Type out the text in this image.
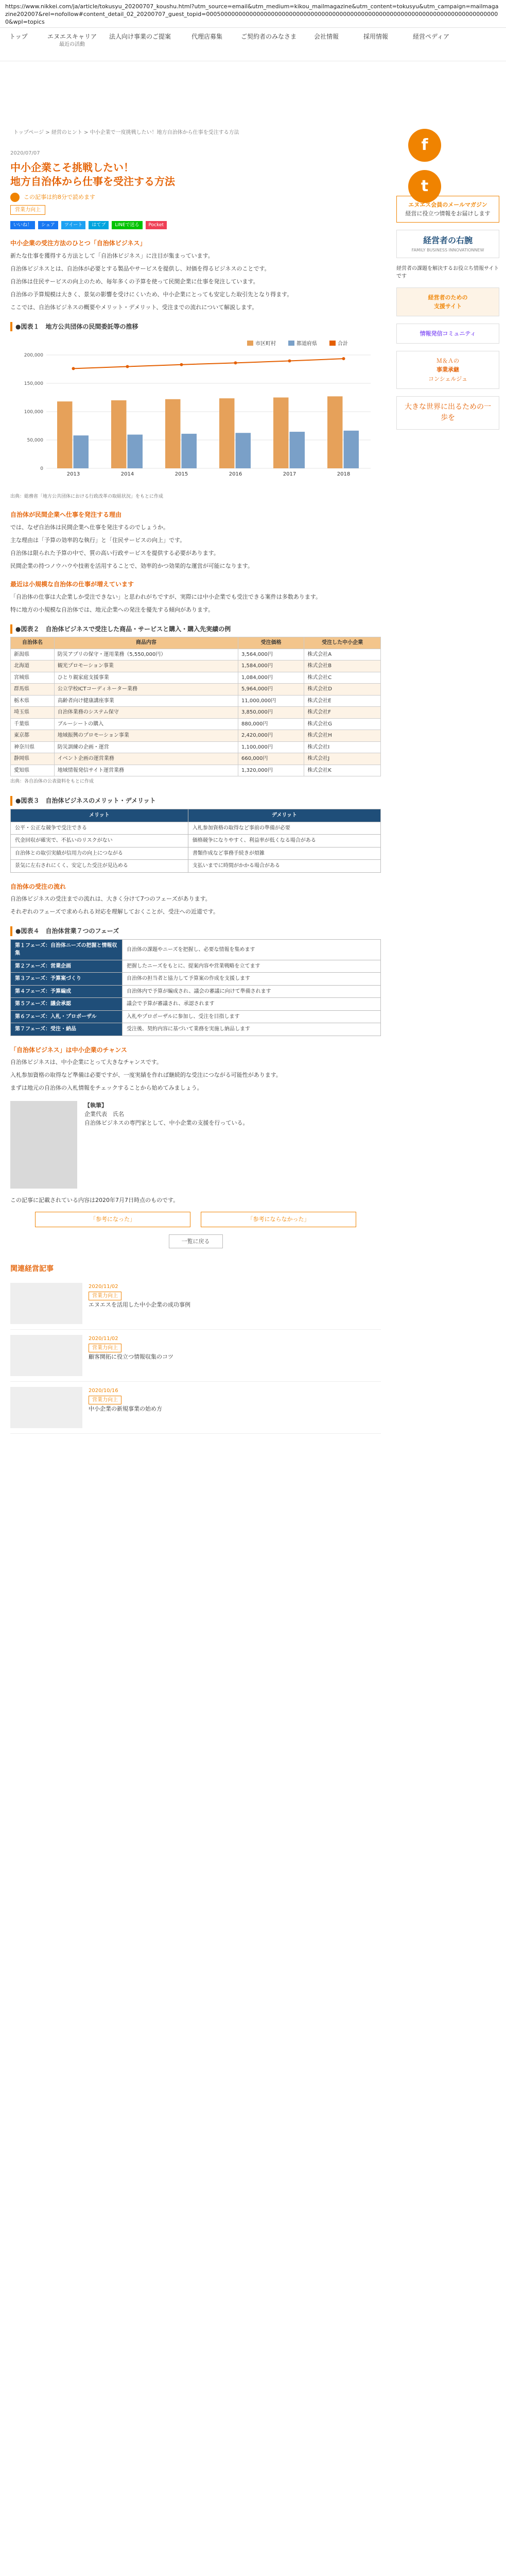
https://www.nikkei.com/ja/article/tokusyu_20200707_koushu.html?utm_source=email&utm_medium=kikou_mailmagazine&utm_content=tokusyu&utm_campaign=mailmagazine202007&rel=nofollow#content_detail_02_20200707_guest_topid=0005000000000000000000000000000000000000000000000000000000000000000000000000000000&wpl=topics
トップ	エヌエスキャリア
最近の活動
法人向け事業のご提案	代理店募集	ご契約者のみなさま	会社情報	採用情報	経営ペディア
トップページ > 経営のヒント > 中小企業で一度挑戦したい！地方自治体から仕事を受注する方法
f
t
2020/07/07
中小企業こそ挑戦したい！
地方自治体から仕事を受注する方法
この記事は約8分で読めます
営業力向上
いいね！	シェア	ツイート	はてブ	LINEで送る	Pocket
中小企業の受注方法のひとつ「自治体ビジネス」

新たな仕事を獲得する方法として「自治体ビジネス」に注目が集まっています。

自治体ビジネスとは、自治体が必要とする製品やサービスを提供し、対価を得るビジネスのことです。

自治体は住民サービスの向上のため、毎年多くの予算を使って民間企業に仕事を発注しています。

自治体の予算規模は大きく、景気の影響を受けにくいため、中小企業にとっても安定した取引先となり得ます。

ここでは、自治体ビジネスの概要やメリット・デメリット、受注までの流れについて解説します。

●図表１　地方公共団体の民間委託等の推移
0
50,000
100,000
150,000
200,000
2013	2014	2015	2016	2017	2018
市区町村	都道府県	合計
出典：総務省「地方公共団体における行政改革の取組状況」をもとに作成
自治体が民間企業へ仕事を発注する理由

では、なぜ自治体は民間企業へ仕事を発注するのでしょうか。

主な理由は「予算の効率的な執行」と「住民サービスの向上」です。

自治体は限られた予算の中で、質の高い行政サービスを提供する必要があります。

民間企業の持つノウハウや技術を活用することで、効率的かつ効果的な運営が可能になります。

最近は小規模な自治体の仕事が増えています

「自治体の仕事は大企業しか受注できない」と思われがちですが、実際には中小企業でも受注できる案件は多数あります。

特に地方の小規模な自治体では、地元企業への発注を優先する傾向があります。

●図表２　自治体ビジネスで受注した商品・サービスと購入・購入先実績の例
自治体名	商品内容	受注価格	受注した中小企業
新潟県	防災アプリの保守・運用業務（5,550,000円）	3,564,000円	株式会社A
北海道	観光プロモーション事業	1,584,000円	株式会社B
宮城県	ひとり親家庭支援事業	1,084,000円	株式会社C
群馬県	公立学校ICTコーディネーター業務	5,964,000円	株式会社D
栃木県	高齢者向け健康講座事業	11,000,000円	株式会社E
埼玉県	自治体業務のシステム保守	3,850,000円	株式会社F
千葉県	ブルーシートの購入	880,000円	株式会社G
東京都	地域振興のプロモーション事業	2,420,000円	株式会社H
神奈川県	防災訓練の企画・運営	1,100,000円	株式会社I
静岡県	イベント企画の運営業務	660,000円	株式会社J
愛知県	地域情報発信サイト運営業務	1,320,000円	株式会社K
出典：各自治体の公表資料をもとに作成
●図表３　自治体ビジネスのメリット・デメリット
メリット	デメリット
公平・公正な競争で受注できる	入札参加資格の取得など事前の準備が必要
代金回収が確実で、不払いのリスクがない	価格競争になりやすく、利益率が低くなる場合がある
自治体との取引実績が信用力の向上につながる	書類作成など事務手続きが煩雑
景気に左右されにくく、安定した受注が見込める	支払いまでに時間がかかる場合がある
自治体の受注の流れ

自治体ビジネスの受注までの流れは、大きく分けて7つのフェーズがあります。

それぞれのフェーズで求められる対応を理解しておくことが、受注への近道です。

●図表４　自治体営業７つのフェーズ
第１フェーズ：自治体ニーズの把握と情報収集	自治体の課題やニーズを把握し、必要な情報を集めます
第２フェーズ：営業企画	把握したニーズをもとに、提案内容や営業戦略を立てます
第３フェーズ：予算案づくり	自治体の担当者と協力して予算案の作成を支援します
第４フェーズ：予算編成	自治体内で予算が編成され、議会の審議に向けて準備されます
第５フェーズ：議会承認	議会で予算が審議され、承認されます
第６フェーズ：入札・プロポーザル	入札やプロポーザルに参加し、受注を目指します
第７フェーズ：受注・納品	受注後、契約内容に基づいて業務を実施し納品します
「自治体ビジネス」は中小企業のチャンス

自治体ビジネスは、中小企業にとって大きなチャンスです。

入札参加資格の取得など準備は必要ですが、一度実績を作れば継続的な受注につながる可能性があります。

まずは地元の自治体の入札情報をチェックすることから始めてみましょう。

【執筆】
企業代表　氏名
自治体ビジネスの専門家として、中小企業の支援を行っている。

この記事に記載されている内容は2020年7月7日時点のものです。

「参考になった」	「参考にならなかった」
一覧に戻る
関連経営記事
2020/11/02
営業力向上
エヌエスを活用した中小企業の成功事例
2020/11/02
営業力向上
顧客開拓に役立つ情報収集のコツ
2020/10/16
営業力向上
中小企業の新規事業の始め方
エヌエス会員のメールマガジン
経営に役立つ情報をお届けします
経営者の右腕
FAMILY BUSINESS INNOVATIONNEW
経営者の課題を解決するお役立ち情報サイトです
経営者のための
支援サイト
情報発信コミュニティ
Ｍ＆Ａの
事業承継
コンシェルジュ
大きな世界に出るための一歩を
